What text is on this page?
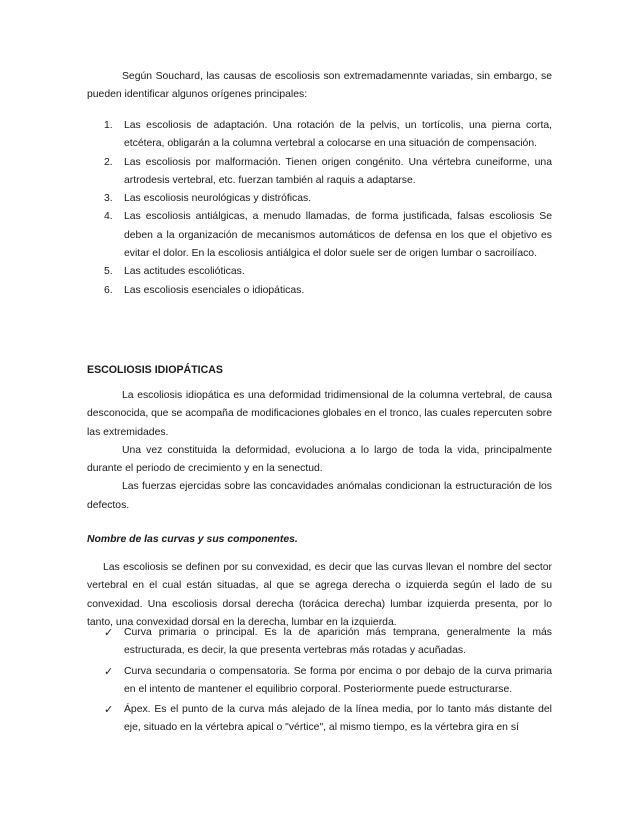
Según Souchard, las causas de escoliosis son extremadamennte variadas, sin embargo, se pueden identificar algunos orígenes principales:

1. Las escoliosis de adaptación. Una rotación de la pelvis, un tortícolis, una pierna corta, etcétera, obligarán a la columna vertebral a colocarse en una situación de compensación.
2. Las escoliosis por malformación. Tienen origen congénito. Una vértebra cuneiforme, una artrodesis vertebral, etc. fuerzan también al raquis a adaptarse.
3. Las escoliosis neurológicas y distróficas.
4. Las escoliosis antiálgicas, a menudo llamadas, de forma justificada, falsas escoliosis Se deben a la organización de mecanismos automáticos de defensa en los que el objetivo es evitar el dolor. En la escoliosis antiálgica el dolor suele ser de origen lumbar o sacroilíaco.
5. Las actitudes escolióticas.
6. Las escoliosis esenciales o idiopáticas.
ESCOLIOSIS IDIOPÁTICAS

La escoliosis idiopática es una deformidad tridimensional de la columna vertebral, de causa desconocida, que se acompaña de modificaciones globales en el tronco, las cuales repercuten sobre las extremidades.

Una vez constituida la deformidad, evoluciona a lo largo de toda la vida, principalmente durante el periodo de crecimiento y en la senectud.

Las fuerzas ejercidas sobre las concavidades anómalas condicionan la estructuración de los defectos.

Nombre de las curvas y sus componentes.

Las escoliosis se definen por su convexidad, es decir que las curvas llevan el nombre del sector vertebral en el cual están situadas, al que se agrega derecha o izquierda según el lado de su convexidad. Una escoliosis dorsal derecha (torácica derecha) lumbar izquierda presenta, por lo tanto, una convexidad dorsal en la derecha, lumbar en la izquierda.

✓ Curva primaria o principal. Es la de aparición más temprana, generalmente la más estructurada, es decir, la que presenta vertebras más rotadas y acuñadas.
✓ Curva secundaria o compensatoria. Se forma por encima o por debajo de la curva primaria en el intento de mantener el equilibrio corporal. Posteriormente puede estructurarse.
✓ Ápex. Es el punto de la curva más alejado de la línea media, por lo tanto más distante del eje, situado en la vértebra apical o "vértice", al mismo tiempo, es la vértebra gira en sí
